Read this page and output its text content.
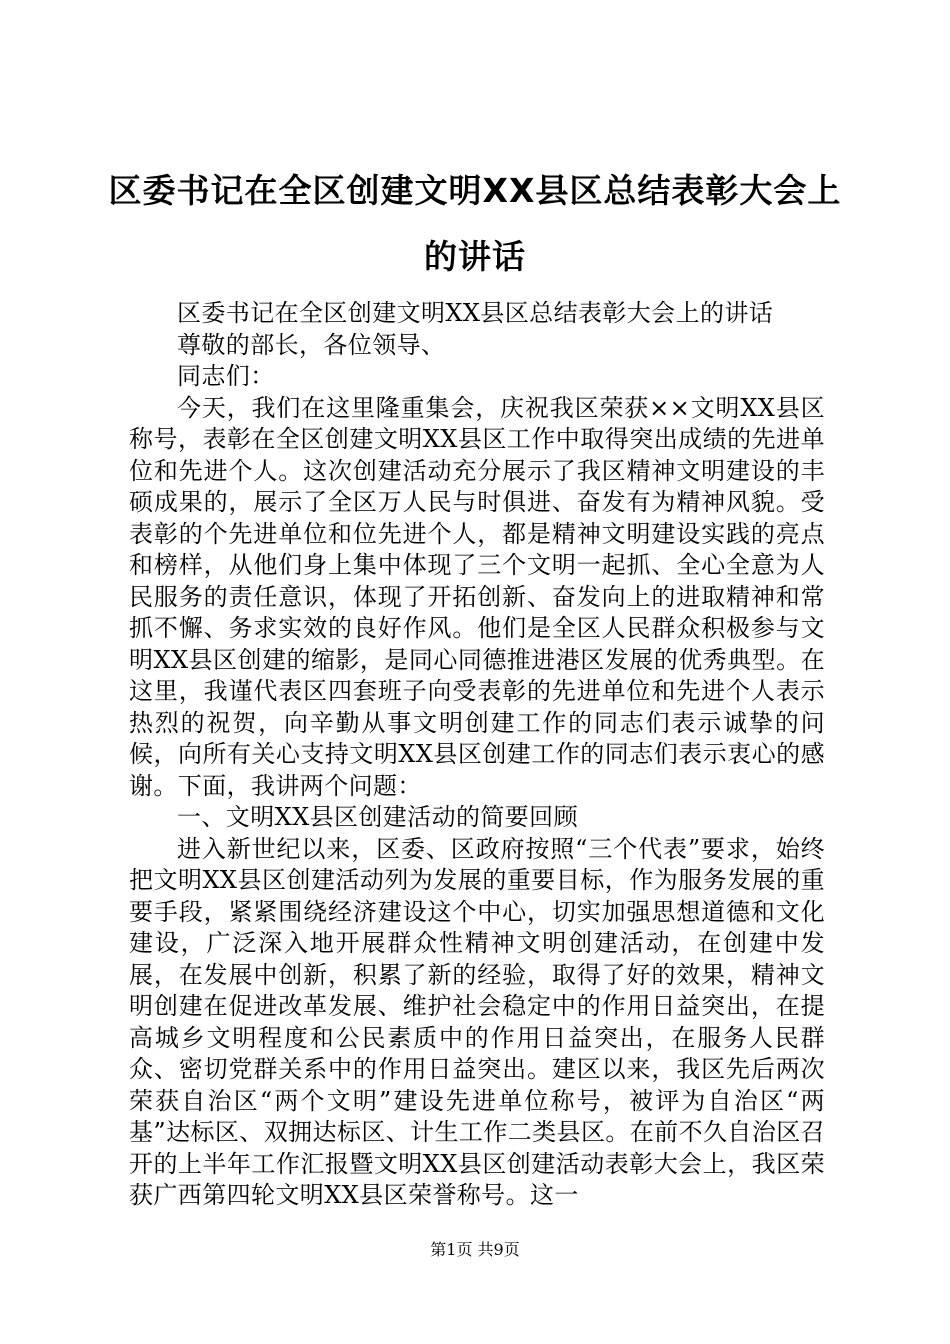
区委书记在全区创建文明XX县区总结表彰大会上的讲话

区委书记在全区创建文明XX县区总结表彰大会上的讲话

尊敬的部长，各位领导、

同志们：

今天，我们在这里隆重集会，庆祝我区荣获××文明XX县区称号，表彰在全区创建文明XX县区工作中取得突出成绩的先进单位和先进个人。这次创建活动充分展示了我区精神文明建设的丰硕成果的，展示了全区万人民与时俱进、奋发有为精神风貌。受表彰的个先进单位和位先进个人，都是精神文明建设实践的亮点和榜样，从他们身上集中体现了三个文明一起抓、全心全意为人民服务的责任意识，体现了开拓创新、奋发向上的进取精神和常抓不懈、务求实效的良好作风。他们是全区人民群众积极参与文明XX县区创建的缩影，是同心同德推进港区发展的优秀典型。在这里，我谨代表区四套班子向受表彰的先进单位和先进个人表示热烈的祝贺，向辛勤从事文明创建工作的同志们表示诚挚的问候，向所有关心支持文明XX县区创建工作的同志们表示衷心的感谢。下面，我讲两个问题：

一、文明XX县区创建活动的简要回顾

进入新世纪以来，区委、区政府按照“三个代表”要求，始终把文明XX县区创建活动列为发展的重要目标，作为服务发展的重要手段，紧紧围绕经济建设这个中心，切实加强思想道德和文化建设，广泛深入地开展群众性精神文明创建活动，在创建中发展，在发展中创新，积累了新的经验，取得了好的效果，精神文明创建在促进改革发展、维护社会稳定中的作用日益突出，在提高城乡文明程度和公民素质中的作用日益突出，在服务人民群众、密切党群关系中的作用日益突出。建区以来，我区先后两次荣获自治区“两个文明”建设先进单位称号，被评为自治区“两基”达标区、双拥达标区、计生工作二类县区。在前不久自治区召开的上半年工作汇报暨文明XX县区创建活动表彰大会上，我区荣获广西第四轮文明XX县区荣誉称号。这一

第1页 共9页
